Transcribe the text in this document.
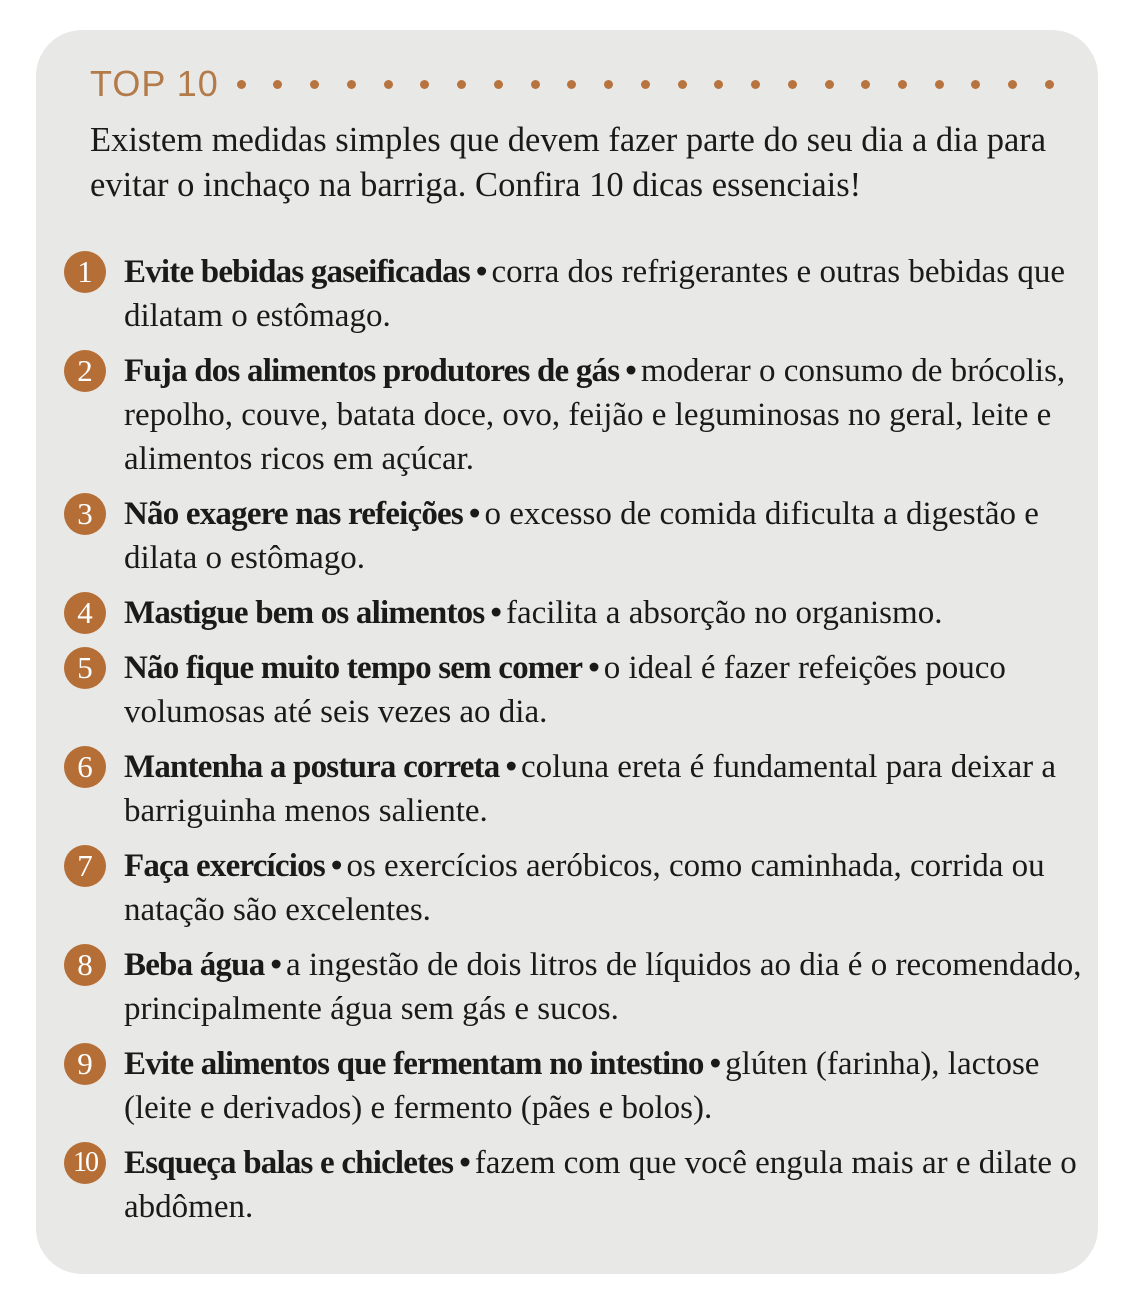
TOP 10

Existem medidas simples que devem fazer parte do seu dia a dia para evitar o inchaço na barriga. Confira 10 dicas essenciais!

1 Evite bebidas gaseificadas • corra dos refrigerantes e outras bebidas que dilatam o estômago.
2 Fuja dos alimentos produtores de gás • moderar o consumo de brócolis, repolho, couve, batata doce, ovo, feijão e leguminosas no geral, leite e alimentos ricos em açúcar.
3 Não exagere nas refeições • o excesso de comida dificulta a digestão e dilata o estômago.
4 Mastigue bem os alimentos • facilita a absorção no organismo.
5 Não fique muito tempo sem comer • o ideal é fazer refeições pouco volumosas até seis vezes ao dia.
6 Mantenha a postura correta • coluna ereta é fundamental para deixar a barriguinha menos saliente.
7 Faça exercícios • os exercícios aeróbicos, como caminhada, corrida ou natação são excelentes.
8 Beba água • a ingestão de dois litros de líquidos ao dia é o recomendado, principalmente água sem gás e sucos.
9 Evite alimentos que fermentam no intestino • glúten (farinha), lactose (leite e derivados) e fermento (pães e bolos).
10 Esqueça balas e chicletes • fazem com que você engula mais ar e dilate o abdômen.
